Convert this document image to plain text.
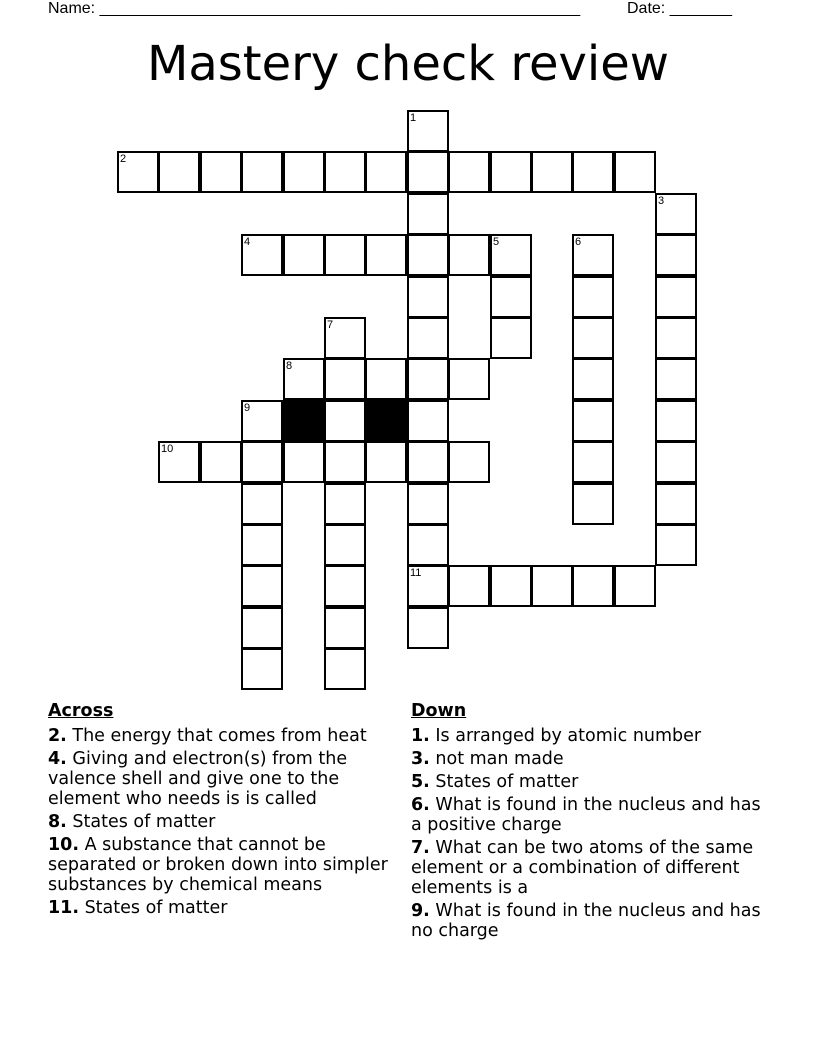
Name: ______________________________________________________	Date: _______
Mastery check review
1
2
3
4	5	6
7
8
9
10
11
Across
2. The energy that comes from heat
4. Giving and electron(s) from the valence shell and give one to the element who needs is is called
8. States of matter
10. A substance that cannot be separated or broken down into simpler substances by chemical means
11. States of matter
Down
1. Is arranged by atomic number
3. not man made
5. States of matter
6. What is found in the nucleus and has a positive charge
7. What can be two atoms of the same element or a combination of different elements is a
9. What is found in the nucleus and has no charge
